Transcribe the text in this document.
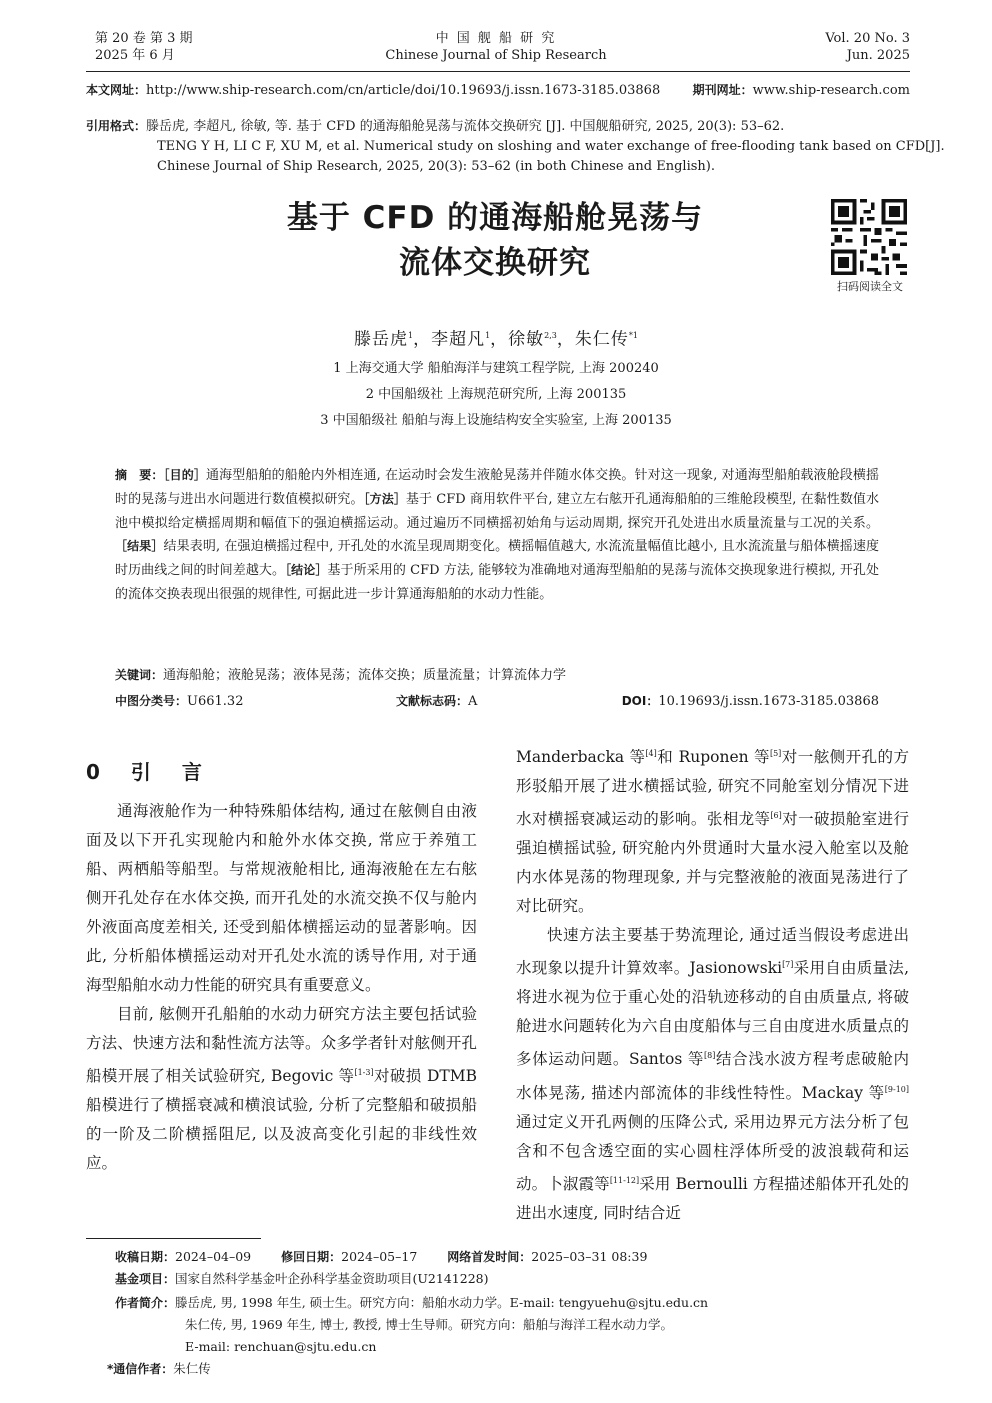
第 20 卷 第 3 期
2025 年 6 月
中 国 舰 船 研 究
Chinese Journal of Ship Research
Vol. 20 No. 3
Jun. 2025
本文网址：http://www.ship-research.com/cn/article/doi/10.19693/j.issn.1673-3185.03868	期刊网址：www.ship-research.com
引用格式：滕岳虎, 李超凡, 徐敏, 等. 基于 CFD 的通海船舱晃荡与流体交换研究 [J]. 中国舰船研究, 2025, 20(3): 53–62.
TENG Y H, LI C F, XU M, et al. Numerical study on sloshing and water exchange of free-flooding tank based on CFD[J].
Chinese Journal of Ship Research, 2025, 20(3): 53–62 (in both Chinese and English).
基于 CFD 的通海船舱晃荡与
流体交换研究
扫码阅读全文
滕岳虎$^1$，李超凡$^1$，徐敏$^{2,3}$，朱仁传$^{*1}$
1 上海交通大学 船舶海洋与建筑工程学院, 上海 200240
2 中国船级社 上海规范研究所, 上海 200135
3 中国船级社 船舶与海上设施结构安全实验室, 上海 200135
摘　要：［目的］通海型船舶的船舱内外相连通, 在运动时会发生液舱晃荡并伴随水体交换。针对这一现象, 对通海型船舶载液舱段横摇时的晃荡与进出水问题进行数值模拟研究。［方法］基于 CFD 商用软件平台, 建立左右舷开孔通海船舶的三维舱段模型, 在黏性数值水池中模拟给定横摇周期和幅值下的强迫横摇运动。通过遍历不同横摇初始角与运动周期, 探究开孔处进出水质量流量与工况的关系。［结果］结果表明, 在强迫横摇过程中, 开孔处的水流呈现周期变化。横摇幅值越大, 水流流量幅值比越小, 且水流流量与船体横摇速度时历曲线之间的时间差越大。［结论］基于所采用的 CFD 方法, 能够较为准确地对通海型船舶的晃荡与流体交换现象进行模拟, 开孔处的流体交换表现出很强的规律性, 可据此进一步计算通海船舶的水动力性能。
关键词：通海船舱；液舱晃荡；液体晃荡；流体交换；质量流量；计算流体力学
中图分类号：U661.32	文献标志码：A	DOI：10.19693/j.issn.1673-3185.03868
0 引 言

通海液舱作为一种特殊船体结构, 通过在舷侧自由液面及以下开孔实现舱内和舱外水体交换, 常应于养殖工船、两栖船等船型。与常规液舱相比, 通海液舱在左右舷侧开孔处存在水体交换, 而开孔处的水流交换不仅与舱内外液面高度差相关, 还受到船体横摇运动的显著影响。因此, 分析船体横摇运动对开孔处水流的诱导作用, 对于通海型船舶水动力性能的研究具有重要意义。

目前, 舷侧开孔船舶的水动力研究方法主要包括试验方法、快速方法和黏性流方法等。众多学者针对舷侧开孔船模开展了相关试验研究, Begovic 等[1-3]对破损 DTMB 船模进行了横摇衰减和横浪试验, 分析了完整船和破损船的一阶及二阶横摇阻尼, 以及波高变化引起的非线性效应。

Manderbacka 等[4]和 Ruponen 等[5]对一舷侧开孔的方形驳船开展了进水横摇试验, 研究不同舱室划分情况下进水对横摇衰减运动的影响。张相龙等[6]对一破损舱室进行强迫横摇试验, 研究舱内外贯通时大量水浸入舱室以及舱内水体晃荡的物理现象, 并与完整液舱的液面晃荡进行了对比研究。

快速方法主要基于势流理论, 通过适当假设考虑进出水现象以提升计算效率。Jasionowski[7]采用自由质量法, 将进水视为位于重心处的沿轨迹移动的自由质量点, 将破舱进水问题转化为六自由度船体与三自由度进水质量点的多体运动问题。Santos 等[8]结合浅水波方程考虑破舱内水体晃荡, 描述内部流体的非线性特性。Mackay 等[9-10]通过定义开孔两侧的压降公式, 采用边界元方法分析了包含和不包含透空面的实心圆柱浮体所受的波浪载荷和运动。卜淑霞等[11-12]采用 Bernoulli 方程描述船体开孔处的进出水速度, 同时结合近

收稿日期：2024–04–09	修回日期：2024–05–17	网络首发时间：2025–03–31 08:39
基金项目：国家自然科学基金叶企孙科学基金资助项目(U2141228)
作者简介：滕岳虎, 男, 1998 年生, 硕士生。研究方向：船舶水动力学。E-mail: tengyuehu@sjtu.edu.cn
朱仁传, 男, 1969 年生, 博士, 教授, 博士生导师。研究方向：船舶与海洋工程水动力学。
E-mail: renchuan@sjtu.edu.cn
*通信作者：朱仁传
